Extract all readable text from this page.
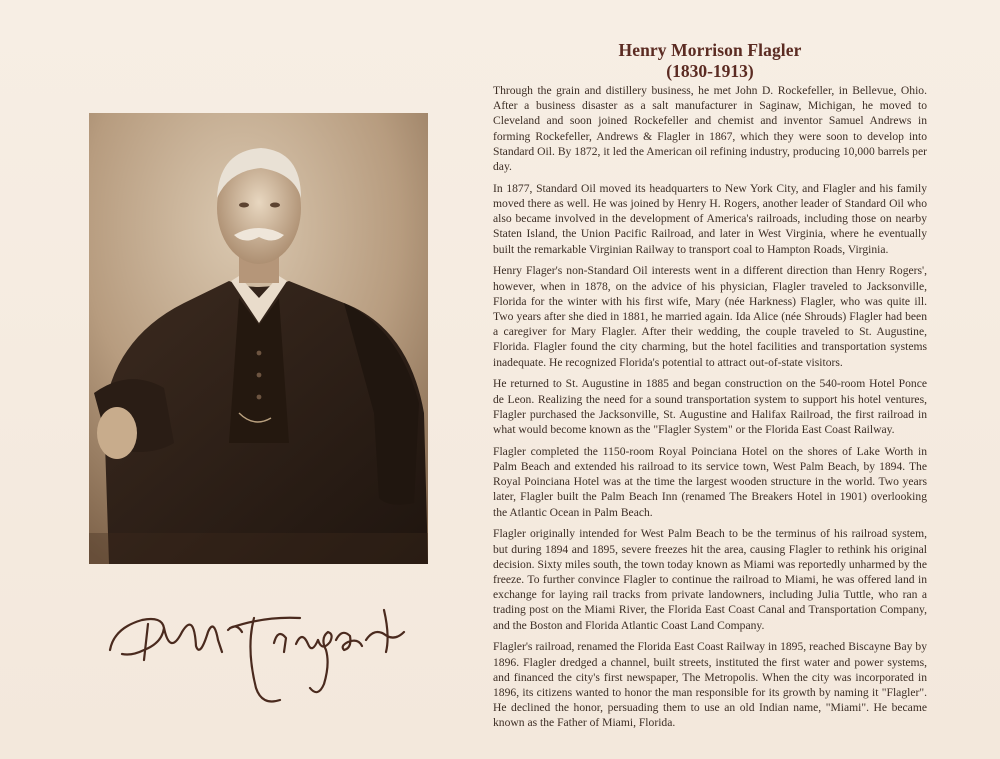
Henry Morrison Flagler
(1830-1913)

Through the grain and distillery business, he met John D. Rockefeller, in Bellevue, Ohio. After a business disaster as a salt manufacturer in Saginaw, Michigan, he moved to Cleveland and soon joined Rockefeller and chemist and inventor Samuel Andrews in forming Rockefeller, Andrews & Flagler in 1867, which they were soon to develop into Standard Oil. By 1872, it led the American oil refining industry, producing 10,000 barrels per day.

In 1877, Standard Oil moved its headquarters to New York City, and Flagler and his family moved there as well. He was joined by Henry H. Rogers, another leader of Standard Oil who also became involved in the development of America's railroads, including those on nearby Staten Island, the Union Pacific Railroad, and later in West Virginia, where he eventually built the remarkable Virginian Railway to transport coal to Hampton Roads, Virginia.

Henry Flager's non-Standard Oil interests went in a different direction than Henry Rogers', however, when in 1878, on the advice of his physician, Flagler traveled to Jacksonville, Florida for the winter with his first wife, Mary (née Harkness) Flagler, who was quite ill. Two years after she died in 1881, he married again. Ida Alice (née Shrouds) Flagler had been a caregiver for Mary Flagler. After their wedding, the couple traveled to St. Augustine, Florida. Flagler found the city charming, but the hotel facilities and transportation systems inadequate. He recognized Florida's potential to attract out-of-state visitors.

He returned to St. Augustine in 1885 and began construction on the 540-room Hotel Ponce de Leon. Realizing the need for a sound transportation system to support his hotel ventures, Flagler purchased the Jacksonville, St. Augustine and Halifax Railroad, the first railroad in what would become known as the "Flagler System" or the Florida East Coast Railway.

Flagler completed the 1150-room Royal Poinciana Hotel on the shores of Lake Worth in Palm Beach and extended his railroad to its service town, West Palm Beach, by 1894. The Royal Poinciana Hotel was at the time the largest wooden structure in the world. Two years later, Flagler built the Palm Beach Inn (renamed The Breakers Hotel in 1901) overlooking the Atlantic Ocean in Palm Beach.

Flagler originally intended for West Palm Beach to be the terminus of his railroad system, but during 1894 and 1895, severe freezes hit the area, causing Flagler to rethink his original decision. Sixty miles south, the town today known as Miami was reportedly unharmed by the freeze. To further convince Flagler to continue the railroad to Miami, he was offered land in exchange for laying rail tracks from private landowners, including Julia Tuttle, who ran a trading post on the Miami River, the Florida East Coast Canal and Transportation Company, and the Boston and Florida Atlantic Coast Land Company.

Flagler's railroad, renamed the Florida East Coast Railway in 1895, reached Biscayne Bay by 1896. Flagler dredged a channel, built streets, instituted the first water and power systems, and financed the city's first newspaper, The Metropolis. When the city was incorporated in 1896, its citizens wanted to honor the man responsible for its growth by naming it "Flagler". He declined the honor, persuading them to use an old Indian name, "Miami". He became known as the Father of Miami, Florida.
